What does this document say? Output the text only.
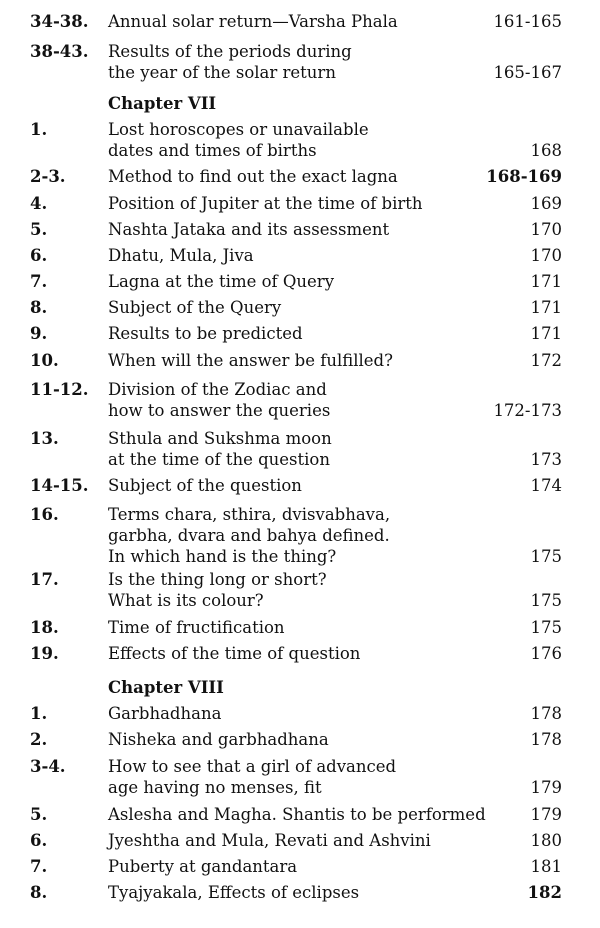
34-38. Annual solar return—Varsha Phala	161-165
38-43. Results of the periods during
the year of the solar return	165-167
Chapter VII
1.	Lost horoscopes or unavailable
dates and times of births	168
2-3.	Method to find out the exact lagna	168-169
4.	Position of Jupiter at the time of birth	169
5.	Nashta Jataka and its assessment	170
6.	Dhatu, Mula, Jiva	170
7.	Lagna at the time of Query	171
8.	Subject of the Query	171
9.	Results to be predicted	171
10.	When will the answer be fulfilled?	172
11-12. Division of the Zodiac and
how to answer the queries	172-173
13.	Sthula and Sukshma moon
at the time of the question	173
14-15. Subject of the question	174
16.	Terms chara, sthira, dvisvabhava,
garbha, dvara and bahya defined.
In which hand is the thing?	175
17.	Is the thing long or short?
What is its colour?	175
18.	Time of fructification	175
19.	Effects of the time of question	176
Chapter VIII
1.	Garbhadhana	178
2.	Nisheka and garbhadhana	178
3-4.	How to see that a girl of advanced
age having no menses, fit	179
5.	Aslesha and Magha. Shantis to be performed	179
6.	Jyeshtha and Mula, Revati and Ashvini	180
7.	Puberty at gandantara	181
8.	Tyajyakala, Effects of eclipses	182
